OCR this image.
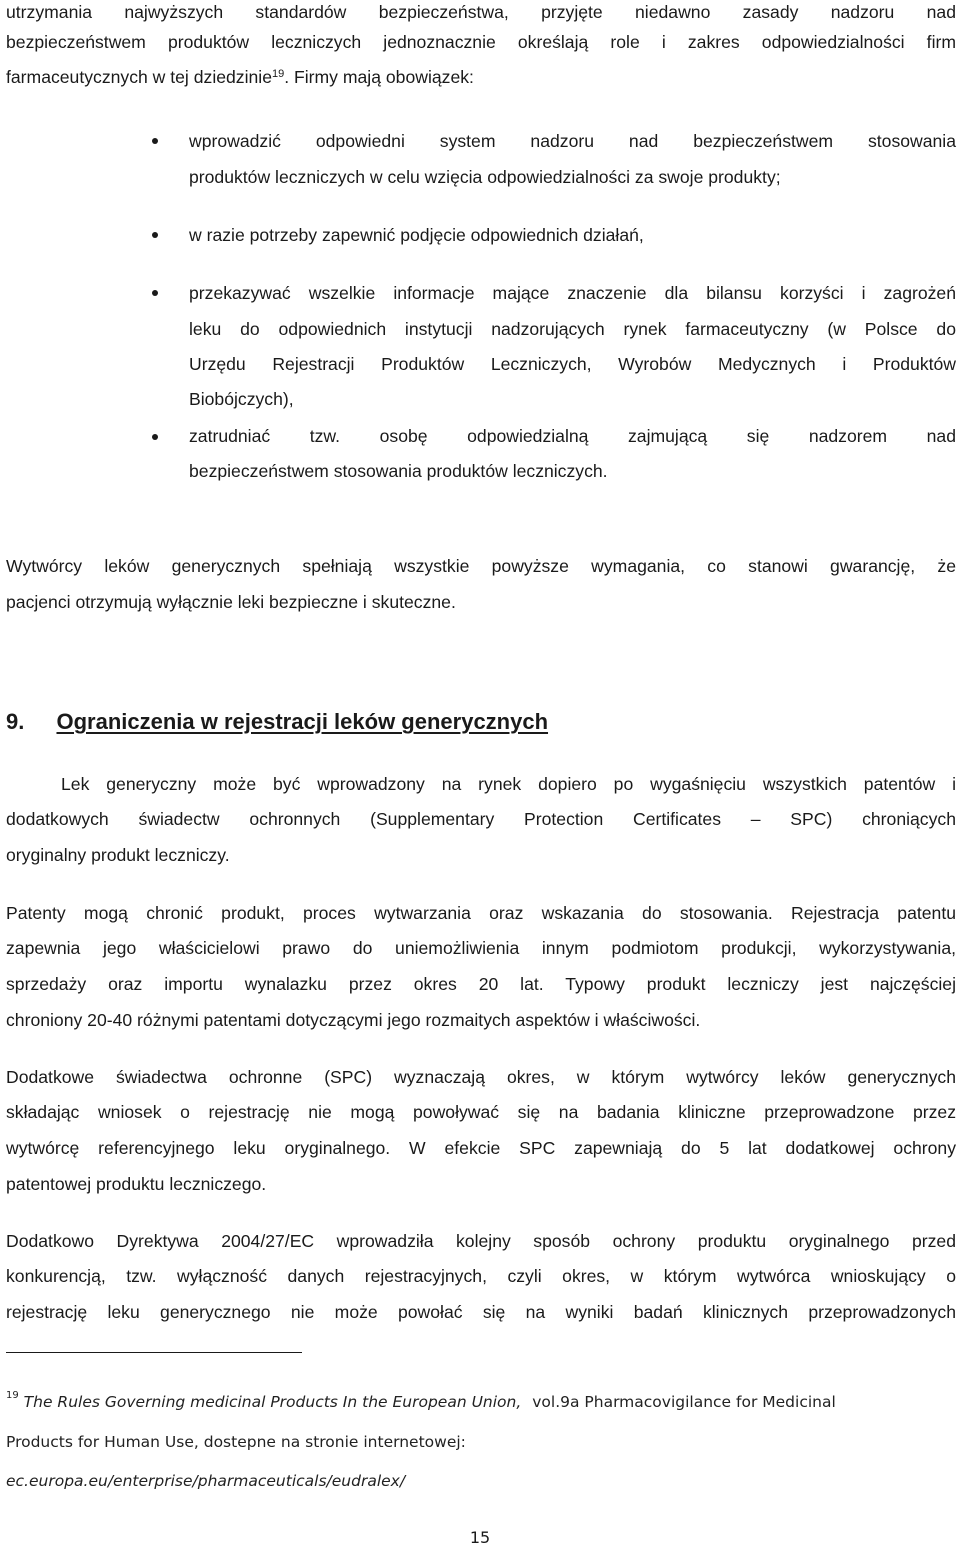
utrzymania najwyższych standardów bezpieczeństwa, przyjęte niedawno zasady nadzoru nad
bezpieczeństwem produktów leczniczych jednoznacznie określają role i zakres odpowiedzialności firm
farmaceutycznych w tej dziedzinie$^{19}$. Firmy mają obowiązek:
wprowadzić odpowiedni system nadzoru nad bezpieczeństwem stosowania
produktów leczniczych w celu wzięcia odpowiedzialności za swoje produkty;
w razie potrzeby zapewnić podjęcie odpowiednich działań,
przekazywać wszelkie informacje mające znaczenie dla bilansu korzyści i zagrożeń
leku do odpowiednich instytucji nadzorujących rynek farmaceutyczny (w Polsce do
Urzędu Rejestracji Produktów Leczniczych, Wyrobów Medycznych i Produktów
Biobójczych),
zatrudniać tzw. osobę odpowiedzialną zajmującą się nadzorem nad
bezpieczeństwem stosowania produktów leczniczych.
Wytwórcy leków generycznych spełniają wszystkie powyższe wymagania, co stanowi gwarancję, że
pacjenci otrzymują wyłącznie leki bezpieczne i skuteczne.
9. Ograniczenia w rejestracji leków generycznych
Lek generyczny może być wprowadzony na rynek dopiero po wygaśnięciu wszystkich patentów i
dodatkowych świadectw ochronnych (Supplementary Protection Certificates – SPC) chroniących
oryginalny produkt leczniczy.
Patenty mogą chronić produkt, proces wytwarzania oraz wskazania do stosowania. Rejestracja patentu
zapewnia jego właścicielowi prawo do uniemożliwienia innym podmiotom produkcji, wykorzystywania,
sprzedaży oraz importu wynalazku przez okres 20 lat. Typowy produkt leczniczy jest najczęściej
chroniony 20-40 różnymi patentami dotyczącymi jego rozmaitych aspektów i właściwości.
Dodatkowe świadectwa ochronne (SPC) wyznaczają okres, w którym wytwórcy leków generycznych
składając wniosek o rejestrację nie mogą powoływać się na badania kliniczne przeprowadzone przez
wytwórcę referencyjnego leku oryginalnego. W efekcie SPC zapewniają do 5 lat dodatkowej ochrony
patentowej produktu leczniczego.
Dodatkowo Dyrektywa 2004/27/EC wprowadziła kolejny sposób ochrony produktu oryginalnego przed
konkurencją, tzw. wyłączność danych rejestracyjnych, czyli okres, w którym wytwórca wnioskujący o
rejestrację leku generycznego nie może powołać się na wyniki badań klinicznych przeprowadzonych
$^{19}$ The Rules Governing medicinal Products In the European Union, vol.9a Pharmacovigilance for Medicinal
Products for Human Use, dostepne na stronie internetowej:
ec.europa.eu/enterprise/pharmaceuticals/eudralex/
15
